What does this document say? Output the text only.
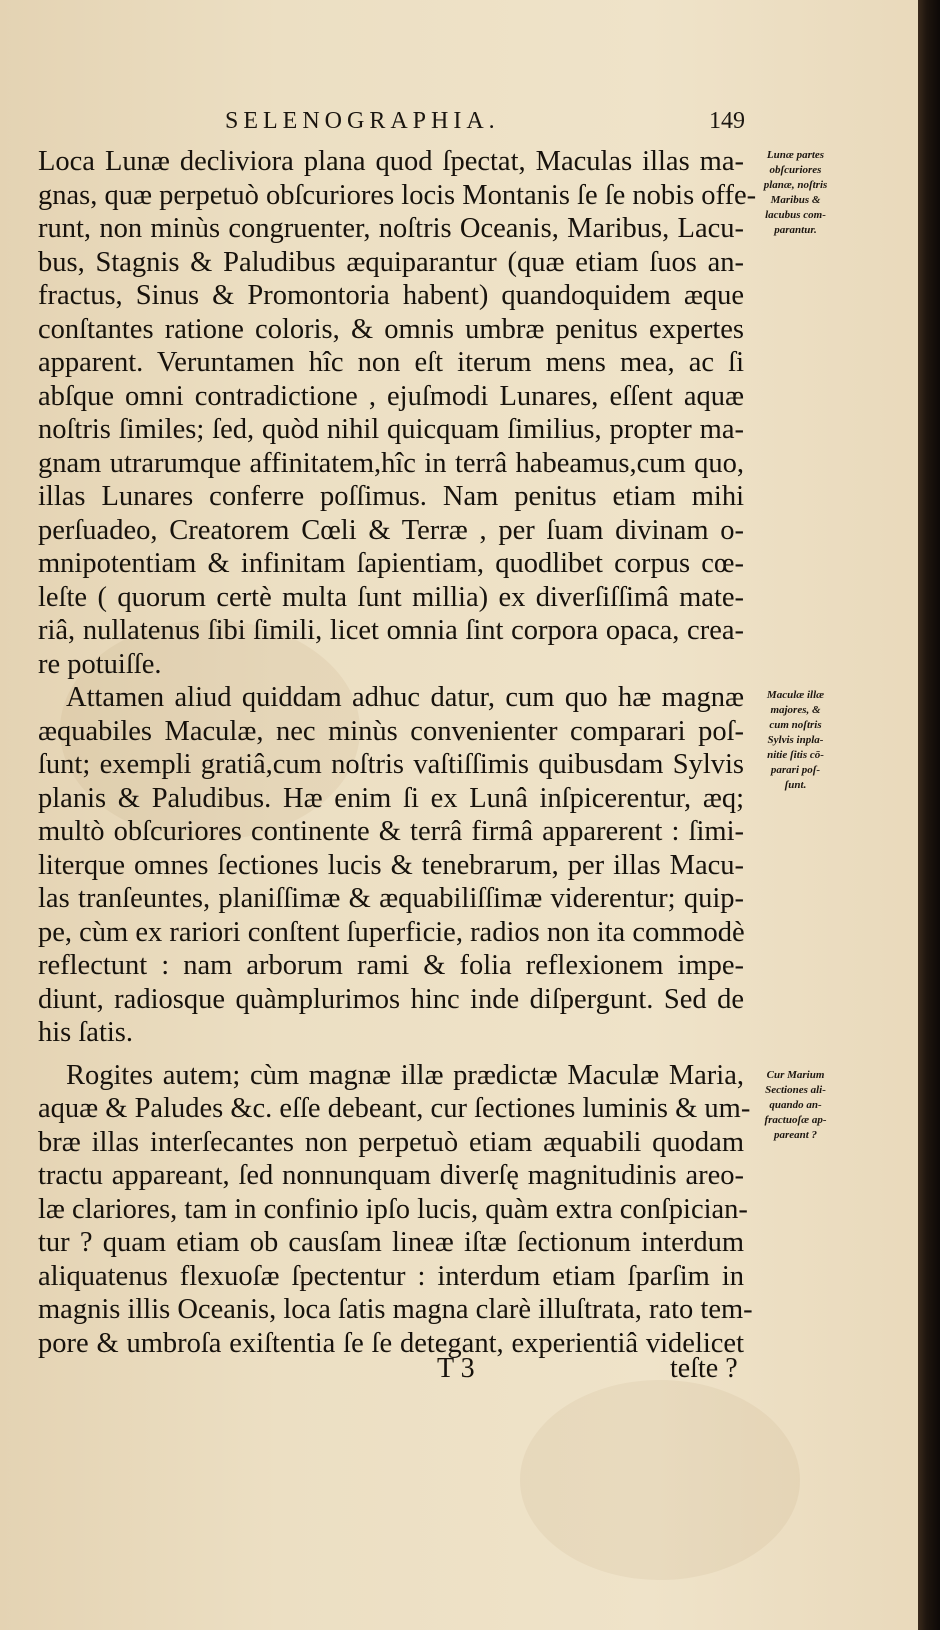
SELENOGRAPHIA.	149
Loca Lunæ decliviora plana quod ſpectat, Maculas illas ma-
gnas, quæ perpetuò obſcuriores locis Montanis ſe ſe nobis offe-
runt, non minùs congruenter, noſtris Oceanis, Maribus, Lacu-
bus, Stagnis & Paludibus æquiparantur (quæ etiam ſuos an-
fractus, Sinus & Promontoria habent) quandoquidem æque
conſtantes ratione coloris, & omnis umbræ penitus expertes
apparent. Veruntamen hîc non eſt iterum mens mea, ac ſi
abſque omni contradictione , ejuſmodi Lunares, eſſent aquæ
noſtris ſimiles; ſed, quòd nihil quicquam ſimilius, propter ma-
gnam utrarumque affinitatem,hîc in terrâ habeamus,cum quo,
illas Lunares conferre poſſimus. Nam penitus etiam mihi
perſuadeo, Creatorem Cœli & Terræ , per ſuam divinam o-
mnipotentiam & infinitam ſapientiam, quodlibet corpus cœ-
leſte ( quorum certè multa ſunt millia) ex diverſiſſimâ mate-
riâ, nullatenus ſibi ſimili, licet omnia ſint corpora opaca, crea-
re potuiſſe.
Attamen aliud quiddam adhuc datur, cum quo hæ magnæ
æquabiles Maculæ, nec minùs convenienter comparari poſ-
ſunt; exempli gratiâ,cum noſtris vaſtiſſimis quibusdam Sylvis
planis & Paludibus. Hæ enim ſi ex Lunâ inſpicerentur, æq;
multò obſcuriores continente & terrâ firmâ apparerent : ſimi-
literque omnes ſectiones lucis & tenebrarum, per illas Macu-
las tranſeuntes, planiſſimæ & æquabiliſſimæ viderentur; quip-
pe, cùm ex rariori conſtent ſuperficie, radios non ita commodè
reflectunt : nam arborum rami & folia reflexionem impe-
diunt, radiosque quàmplurimos hinc inde diſpergunt. Sed de
his ſatis.
Rogites autem; cùm magnæ illæ prædictæ Maculæ Maria,
aquæ & Paludes &c. eſſe debeant, cur ſectiones luminis & um-
bræ illas interſecantes non perpetuò etiam æquabili quodam
tractu appareant, ſed nonnunquam diverſę magnitudinis areo-
læ clariores, tam in confinio ipſo lucis, quàm extra conſpician-
tur ? quam etiam ob causſam lineæ iſtæ ſectionum interdum
aliquatenus flexuoſæ ſpectentur : interdum etiam ſparſim in
magnis illis Oceanis, loca ſatis magna clarè illuſtrata, rato tem-
pore & umbroſa exiſtentia ſe ſe detegant, experientiâ videlicet
T 3	teſte ?
Lunæ partes
obſcuriores
planæ, noſtris
Maribus &
lacubus com-
parantur.
Maculæ illæ
majores, &
cum noſtris
Sylvis inpla-
nitie ſitis cō-
parari poſ-
ſunt.
Cur Marium
Sectiones ali-
quando an-
fractuoſæ ap-
pareant ?
